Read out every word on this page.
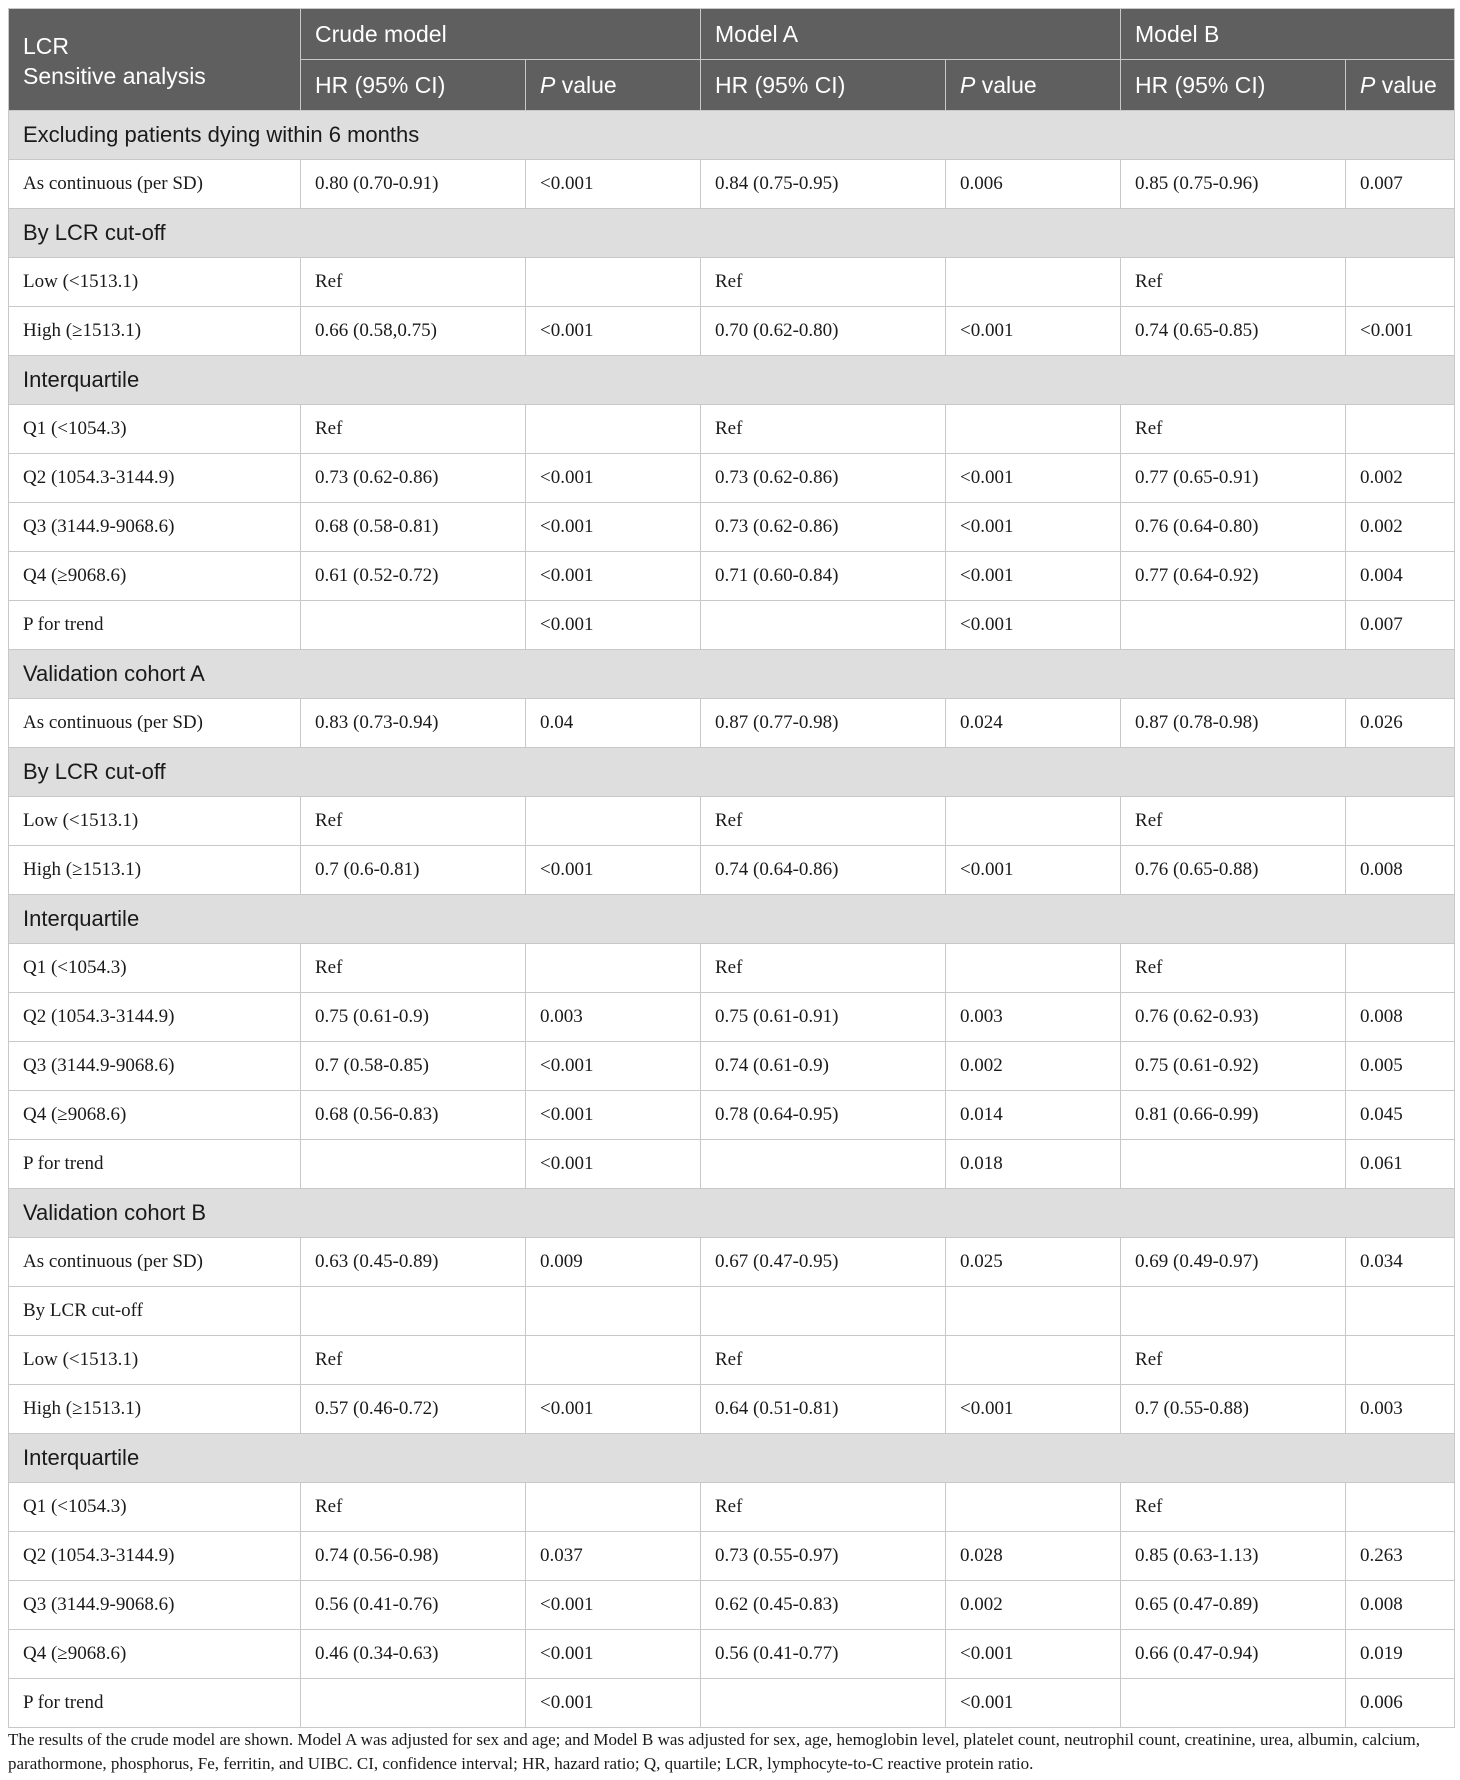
LCR
Sensitive analysis	Crude model		Model A		Model B	
	HR (95% CI)	P value	HR (95% CI)	P value	HR (95% CI)	P value
Excluding patients dying within 6 months						
As continuous (per SD)	0.80 (0.70-0.91)	<0.001	0.84 (0.75-0.95)	0.006	0.85 (0.75-0.96)	0.007
By LCR cut-off						
Low (<1513.1)	Ref		Ref		Ref	
High (≥1513.1)	0.66 (0.58,0.75)	<0.001	0.70 (0.62-0.80)	<0.001	0.74 (0.65-0.85)	<0.001
Interquartile						
Q1 (<1054.3)	Ref		Ref		Ref	
Q2 (1054.3-3144.9)	0.73 (0.62-0.86)	<0.001	0.73 (0.62-0.86)	<0.001	0.77 (0.65-0.91)	0.002
Q3 (3144.9-9068.6)	0.68 (0.58-0.81)	<0.001	0.73 (0.62-0.86)	<0.001	0.76 (0.64-0.80)	0.002
Q4 (≥9068.6)	0.61 (0.52-0.72)	<0.001	0.71 (0.60-0.84)	<0.001	0.77 (0.64-0.92)	0.004
P for trend		<0.001		<0.001		0.007
Validation cohort A						
As continuous (per SD)	0.83 (0.73-0.94)	0.04	0.87 (0.77-0.98)	0.024	0.87 (0.78-0.98)	0.026
By LCR cut-off						
Low (<1513.1)	Ref		Ref		Ref	
High (≥1513.1)	0.7 (0.6-0.81)	<0.001	0.74 (0.64-0.86)	<0.001	0.76 (0.65-0.88)	0.008
Interquartile						
Q1 (<1054.3)	Ref		Ref		Ref	
Q2 (1054.3-3144.9)	0.75 (0.61-0.9)	0.003	0.75 (0.61-0.91)	0.003	0.76 (0.62-0.93)	0.008
Q3 (3144.9-9068.6)	0.7 (0.58-0.85)	<0.001	0.74 (0.61-0.9)	0.002	0.75 (0.61-0.92)	0.005
Q4 (≥9068.6)	0.68 (0.56-0.83)	<0.001	0.78 (0.64-0.95)	0.014	0.81 (0.66-0.99)	0.045
P for trend		<0.001		0.018		0.061
Validation cohort B						
As continuous (per SD)	0.63 (0.45-0.89)	0.009	0.67 (0.47-0.95)	0.025	0.69 (0.49-0.97)	0.034
By LCR cut-off						
Low (<1513.1)	Ref		Ref		Ref	
High (≥1513.1)	0.57 (0.46-0.72)	<0.001	0.64 (0.51-0.81)	<0.001	0.7 (0.55-0.88)	0.003
Interquartile						
Q1 (<1054.3)	Ref		Ref		Ref	
Q2 (1054.3-3144.9)	0.74 (0.56-0.98)	0.037	0.73 (0.55-0.97)	0.028	0.85 (0.63-1.13)	0.263
Q3 (3144.9-9068.6)	0.56 (0.41-0.76)	<0.001	0.62 (0.45-0.83)	0.002	0.65 (0.47-0.89)	0.008
Q4 (≥9068.6)	0.46 (0.34-0.63)	<0.001	0.56 (0.41-0.77)	<0.001	0.66 (0.47-0.94)	0.019
P for trend		<0.001		<0.001		0.006
The results of the crude model are shown. Model A was adjusted for sex and age; and Model B was adjusted for sex, age, hemoglobin level, platelet count, neutrophil count, creatinine, urea, albumin, calcium, parathormone, phosphorus, Fe, ferritin, and UIBC. CI, confidence interval; HR, hazard ratio; Q, quartile; LCR, lymphocyte-to-C reactive protein ratio.
